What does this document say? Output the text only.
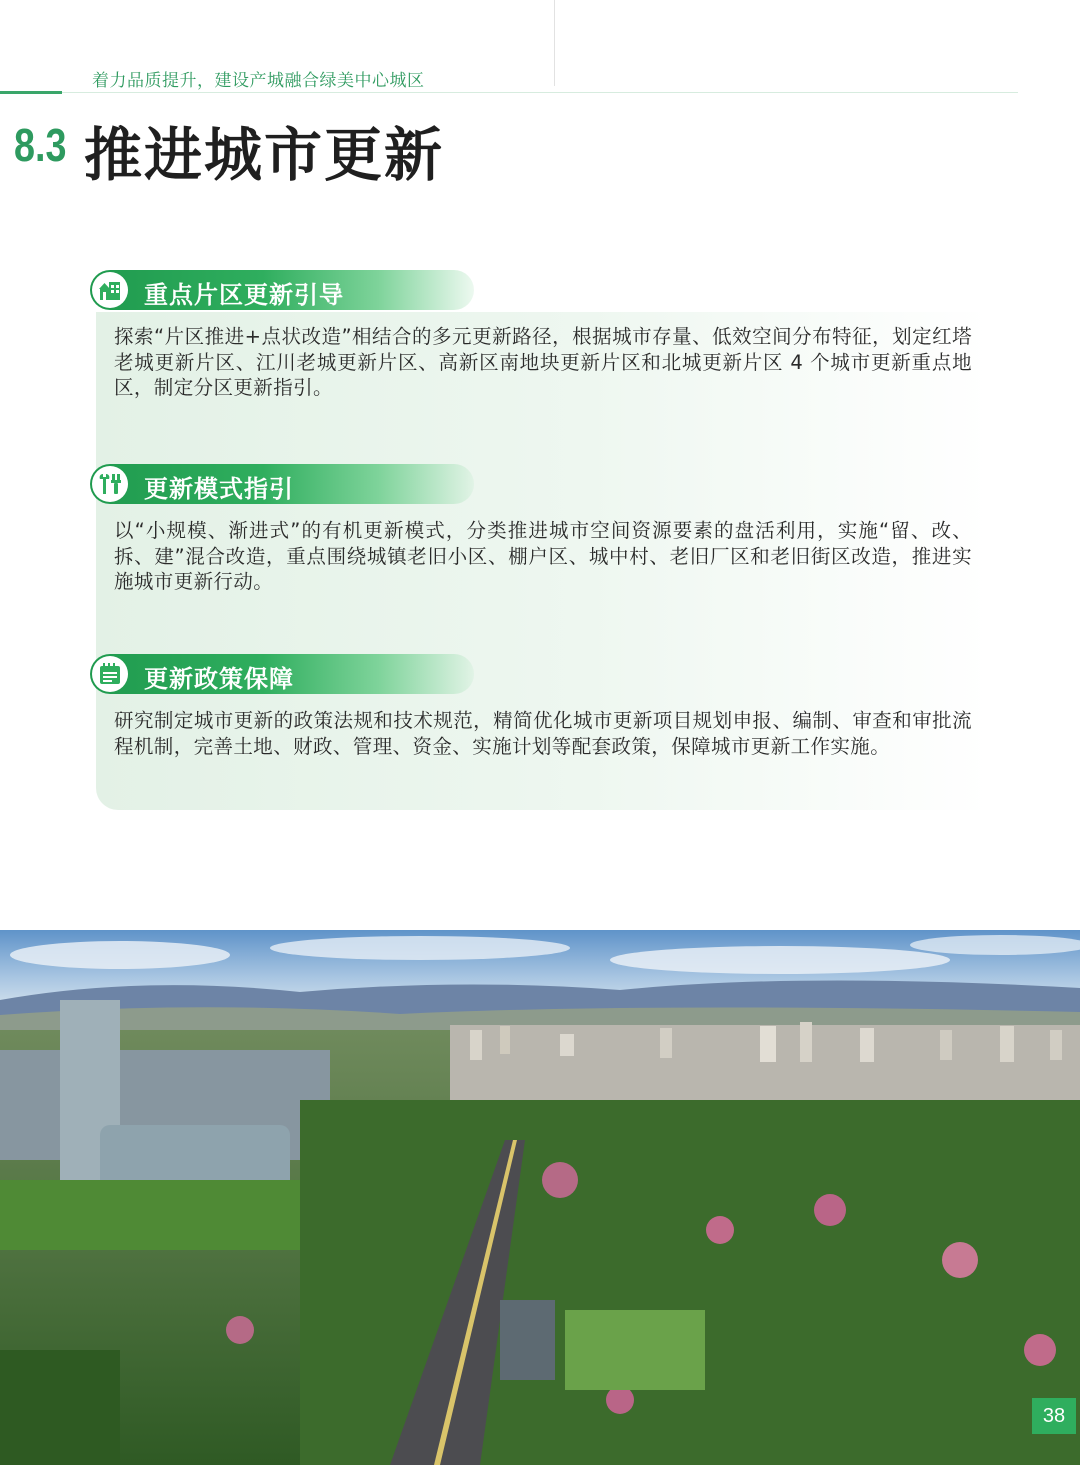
着力品质提升，建设产城融合绿美中心城区
8.3 推进城市更新
重点片区更新引导
探索“片区推进+点状改造”相结合的多元更新路径，根据城市存量、低效空间分布特征，划定红塔老城更新片区、江川老城更新片区、高新区南地块更新片区和北城更新片区 4 个城市更新重点地区，制定分区更新指引。
更新模式指引
以“小规模、渐进式”的有机更新模式，分类推进城市空间资源要素的盘活利用，实施“留、改、拆、建”混合改造，重点围绕城镇老旧小区、棚户区、城中村、老旧厂区和老旧街区改造，推进实施城市更新行动。
更新政策保障
研究制定城市更新的政策法规和技术规范，精简优化城市更新项目规划申报、编制、审查和审批流程机制，完善土地、财政、管理、资金、实施计划等配套政策，保障城市更新工作实施。
38
